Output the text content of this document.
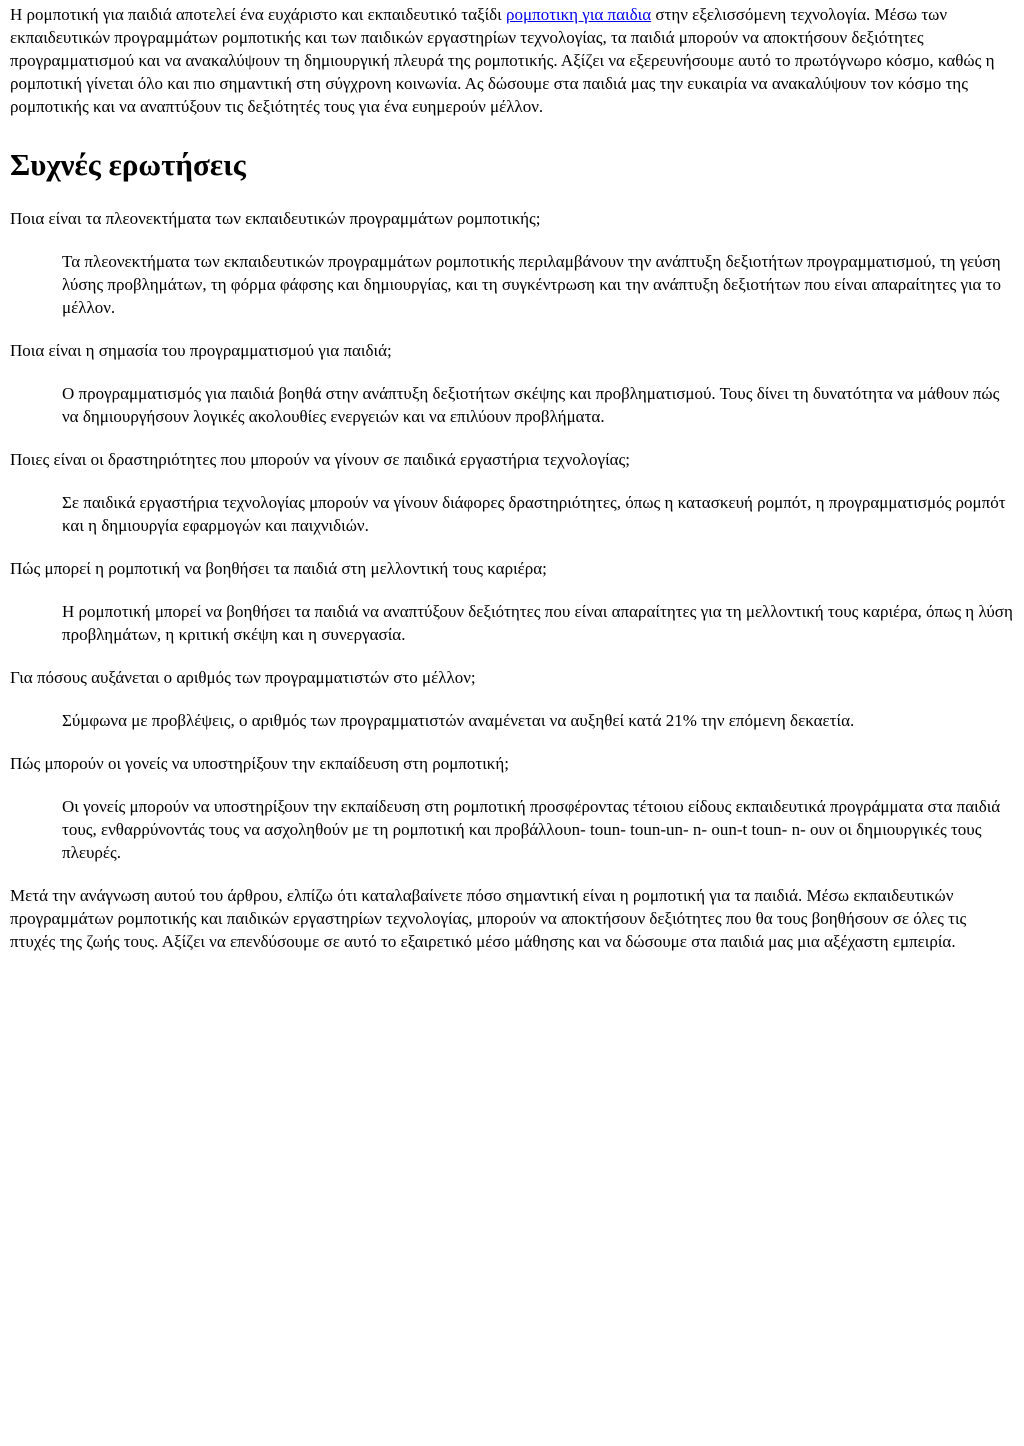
Η ρομποτική για παιδιά αποτελεί ένα ευχάριστο και εκπαιδευτικό ταξίδι ρομποτικη για παιδια στην εξελισσόμενη τεχνολογία. Μέσω των εκπαιδευτικών προγραμμάτων ρομποτικής και των παιδικών εργαστηρίων τεχνολογίας, τα παιδιά μπορούν να αποκτήσουν δεξιότητες προγραμματισμού και να ανακαλύψουν τη δημιουργική πλευρά της ρομποτικής. Αξίζει να εξερευνήσουμε αυτό το πρωτόγνωρο κόσμο, καθώς η ρομποτική γίνεται όλο και πιο σημαντική στη σύγχρονη κοινωνία. Ας δώσουμε στα παιδιά μας την ευκαιρία να ανακαλύψουν τον κόσμο της ρομποτικής και να αναπτύξουν τις δεξιότητές τους για ένα ευημερούν μέλλον.

Συχνές ερωτήσεις
Ποια είναι τα πλεονεκτήματα των εκπαιδευτικών προγραμμάτων ρομποτικής;
Τα πλεονεκτήματα των εκπαιδευτικών προγραμμάτων ρομποτικής περιλαμβάνουν την ανάπτυξη δεξιοτήτων προγραμματισμού, τη γεύση λύσης προβλημάτων, τη φόρμα φάφσης και δημιουργίας, και τη συγκέντρωση και την ανάπτυξη δεξιοτήτων που είναι απαραίτητες για το μέλλον.
Ποια είναι η σημασία του προγραμματισμού για παιδιά;
Ο προγραμματισμός για παιδιά βοηθά στην ανάπτυξη δεξιοτήτων σκέψης και προβληματισμού. Τους δίνει τη δυνατότητα να μάθουν πώς να δημιουργήσουν λογικές ακολουθίες ενεργειών και να επιλύουν προβλήματα.
Ποιες είναι οι δραστηριότητες που μπορούν να γίνουν σε παιδικά εργαστήρια τεχνολογίας;
Σε παιδικά εργαστήρια τεχνολογίας μπορούν να γίνουν διάφορες δραστηριότητες, όπως η κατασκευή ρομπότ, η προγραμματισμός ρομπότ και η δημιουργία εφαρμογών και παιχνιδιών.
Πώς μπορεί η ρομποτική να βοηθήσει τα παιδιά στη μελλοντική τους καριέρα;
Η ρομποτική μπορεί να βοηθήσει τα παιδιά να αναπτύξουν δεξιότητες που είναι απαραίτητες για τη μελλοντική τους καριέρα, όπως η λύση προβλημάτων, η κριτική σκέψη και η συνεργασία.
Για πόσους αυξάνεται ο αριθμός των προγραμματιστών στο μέλλον;
Σύμφωνα με προβλέψεις, ο αριθμός των προγραμματιστών αναμένεται να αυξηθεί κατά 21% την επόμενη δεκαετία.
Πώς μπορούν οι γονείς να υποστηρίξουν την εκπαίδευση στη ρομποτική;
Οι γονείς μπορούν να υποστηρίξουν την εκπαίδευση στη ρομποτική προσφέροντας τέτοιου είδους εκπαιδευτικά προγράμματα στα παιδιά τους, ενθαρρύνοντάς τους να ασχοληθούν με τη ρομποτική και προβάλλουn- toun- toun-un- n- oun-t toun- n- ουν οι δημιουργικές τους πλευρές.

Μετά την ανάγνωση αυτού του άρθρου, ελπίζω ότι καταλαβαίνετε πόσο σημαντική είναι η ρομποτική για τα παιδιά. Μέσω εκπαιδευτικών προγραμμάτων ρομποτικής και παιδικών εργαστηρίων τεχνολογίας, μπορούν να αποκτήσουν δεξιότητες που θα τους βοηθήσουν σε όλες τις πτυχές της ζωής τους. Αξίζει να επενδύσουμε σε αυτό το εξαιρετικό μέσο μάθησης και να δώσουμε στα παιδιά μας μια αξέχαστη εμπειρία.
